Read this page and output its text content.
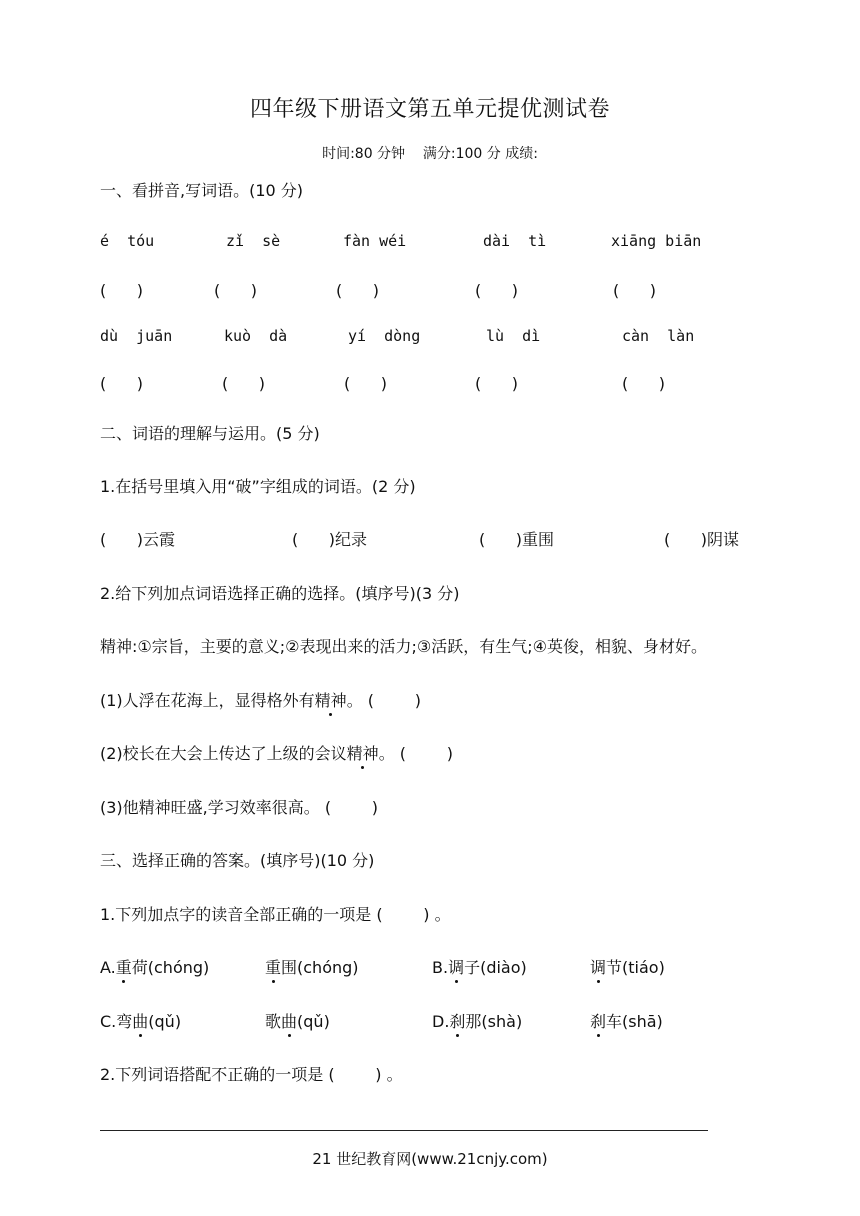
四年级下册语文第五单元提优测试卷
时间:80 分钟    满分:100 分 成绩:
一、看拼音,写词语。(10 分)
é  tóu	zǐ  sè	fàn wéi	dài  tì	xiāng biān
(      )	(      )	(      )	(      )	(      )
dù  juān	kuò  dà	yí  dòng	lù  dì	càn  làn
(      )	(      )	(      )	(      )	(      )
二、词语的理解与运用。(5 分)
1.在括号里填入用“破”字组成的词语。(2 分)
(      )云霞	(      )纪录	(      )重围	(      )阴谋
2.给下列加点词语选择正确的选择。(填序号)(3 分)
精神:①宗旨，主要的意义;②表现出来的活力;③活跃，有生气;④英俊，相貌、身材好。
(1)人浮在花海上，显得格外有精神。 (        )
(2)校长在大会上传达了上级的会议精神。 (        )
(3)他精神旺盛,学习效率很高。 (        )
三、选择正确的答案。(填序号)(10 分)
1.下列加点字的读音全部正确的一项是 (        ) 。
A.重荷(chóng)	重围(chóng)	B.调子(diào)	调节(tiáo)
C.弯曲(qǔ)	歌曲(qǔ)	D.刹那(shà)	刹车(shā)
2.下列词语搭配不正确的一项是 (        ) 。
21 世纪教育网(www.21cnjy.com)
